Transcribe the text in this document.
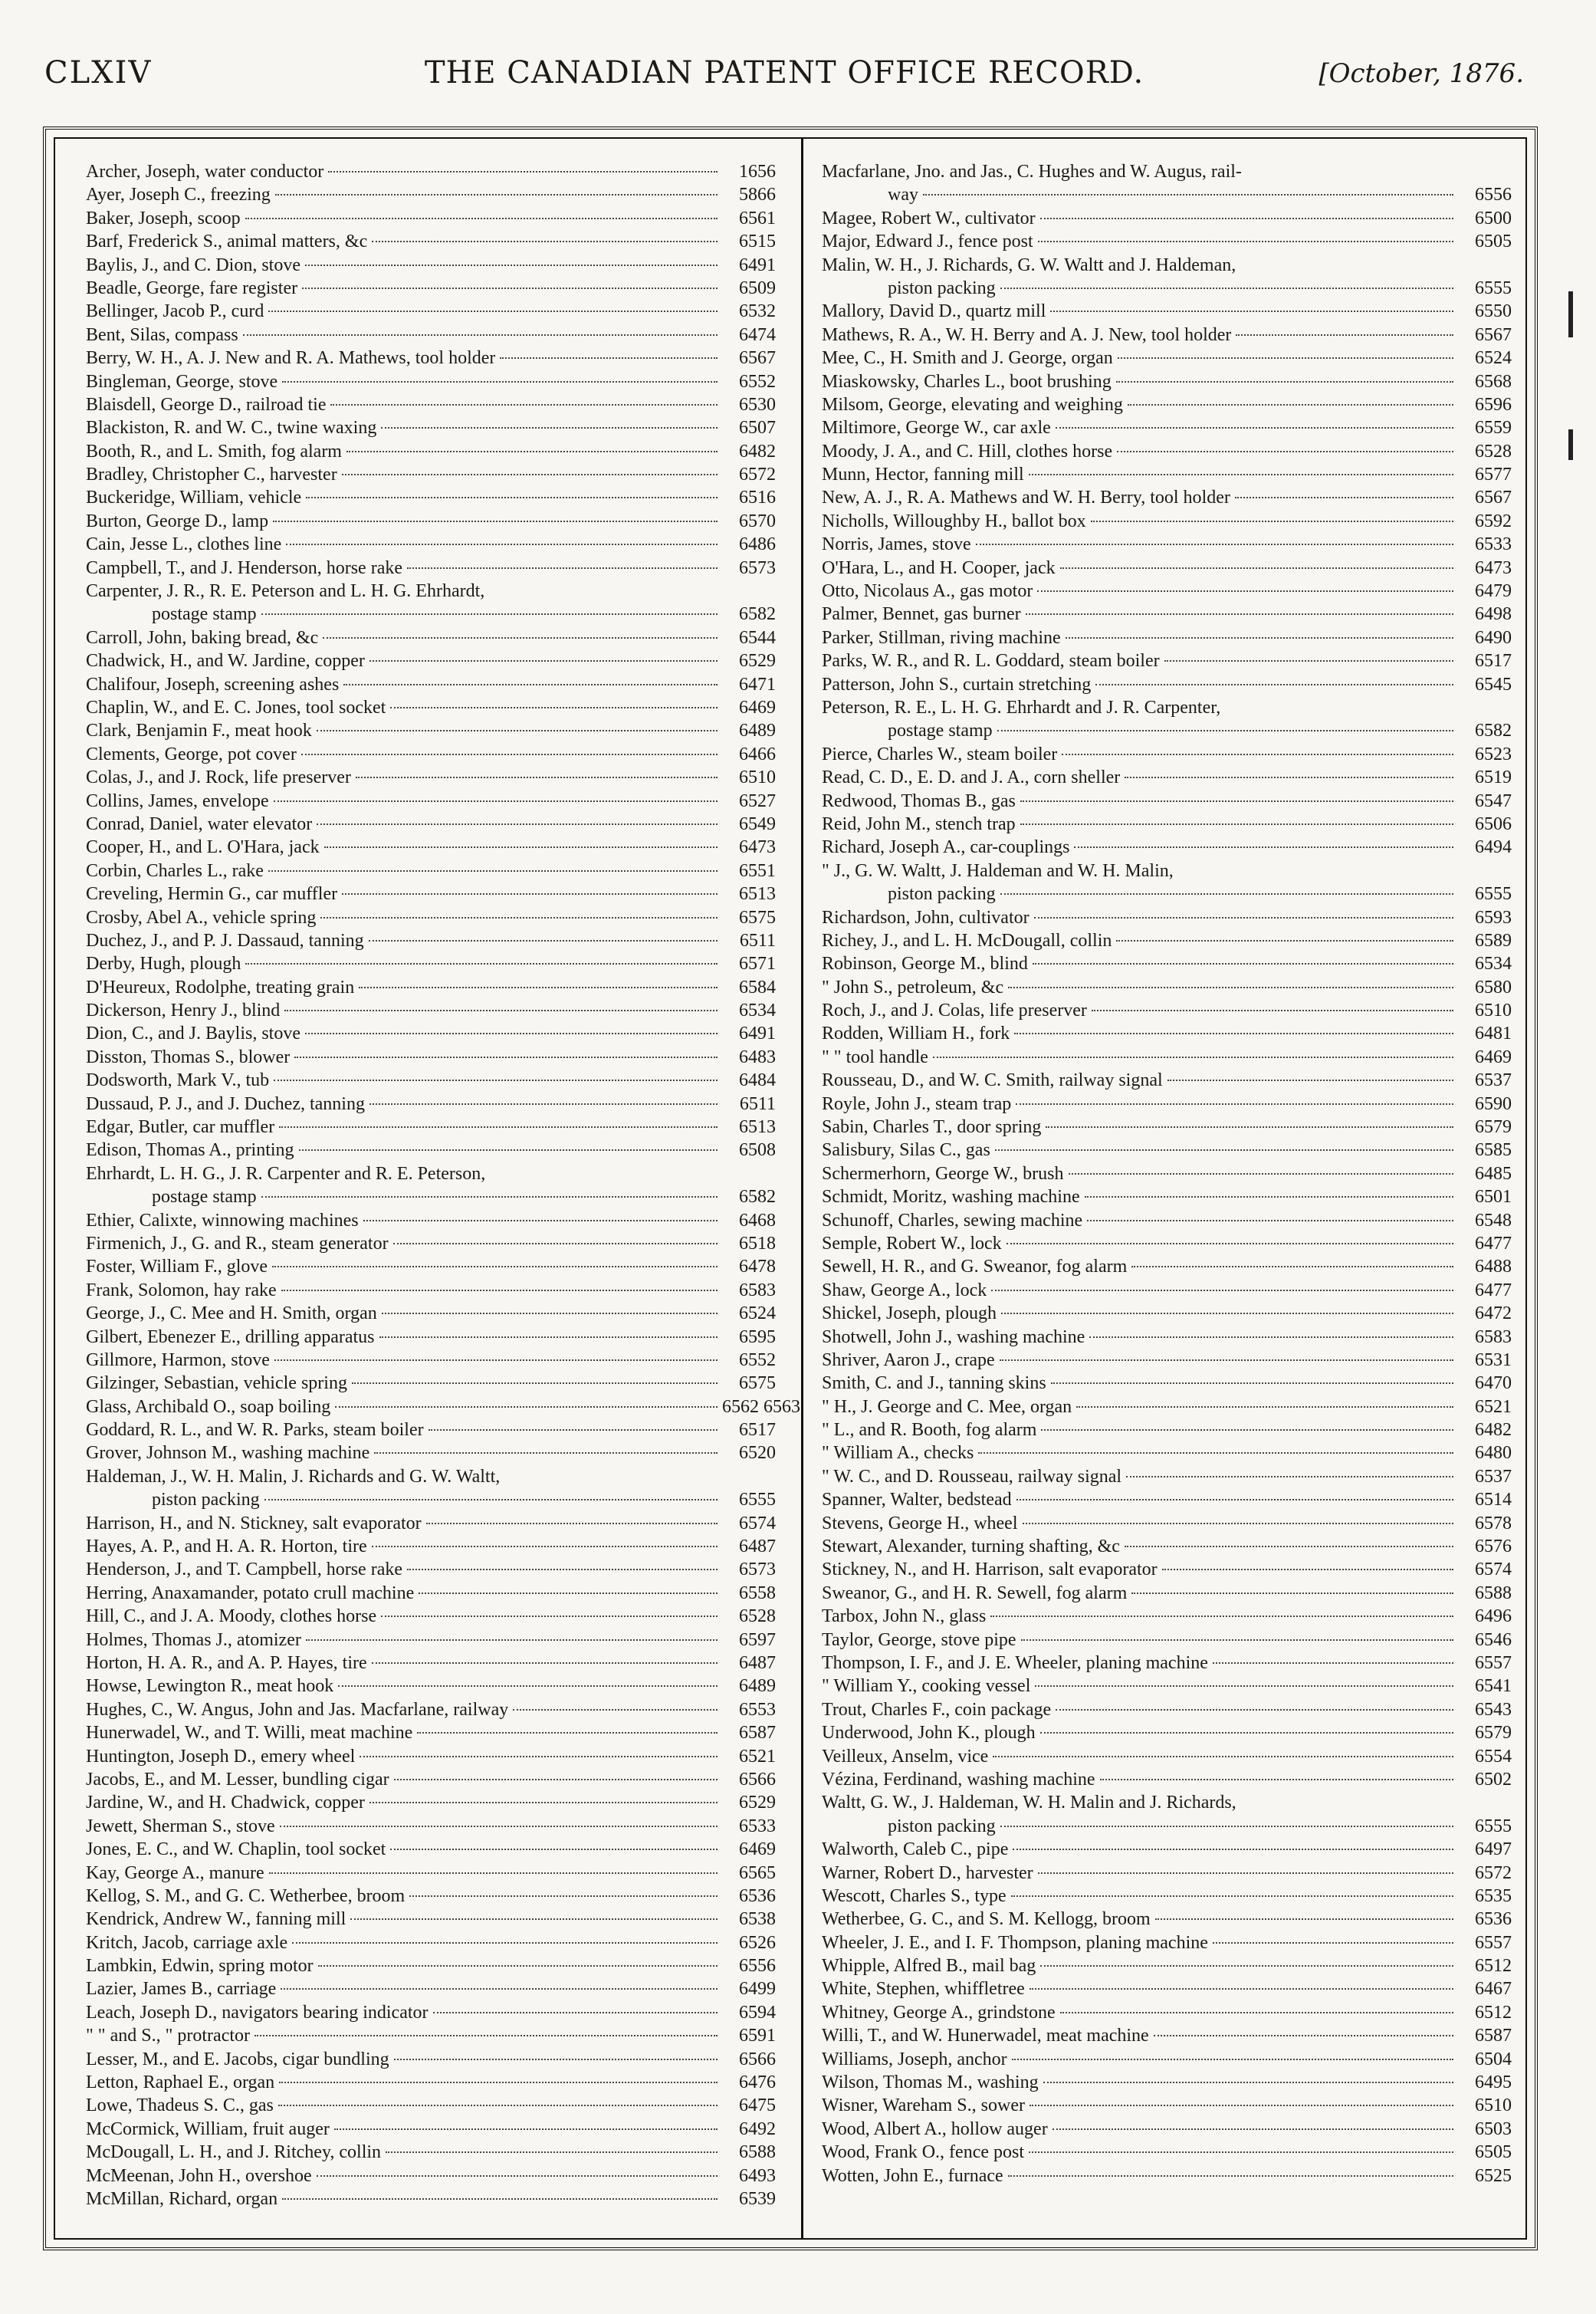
CLXIV	THE CANADIAN PATENT OFFICE RECORD.	[October, 1876.
Archer, Joseph, water conductor	1656
Ayer, Joseph C., freezing	5866
Baker, Joseph, scoop	6561
Barf, Frederick S., animal matters, &c	6515
Baylis, J., and C. Dion, stove	6491
Beadle, George, fare register	6509
Bellinger, Jacob P., curd	6532
Bent, Silas, compass	6474
Berry, W. H., A. J. New and R. A. Mathews, tool holder	6567
Bingleman, George, stove	6552
Blaisdell, George D., railroad tie	6530
Blackiston, R. and W. C., twine waxing	6507
Booth, R., and L. Smith, fog alarm	6482
Bradley, Christopher C., harvester	6572
Buckeridge, William, vehicle	6516
Burton, George D., lamp	6570
Cain, Jesse L., clothes line	6486
Campbell, T., and J. Henderson, horse rake	6573
Carpenter, J. R., R. E. Peterson and L. H. G. Ehrhardt,
postage stamp	6582
Carroll, John, baking bread, &c	6544
Chadwick, H., and W. Jardine, copper	6529
Chalifour, Joseph, screening ashes	6471
Chaplin, W., and E. C. Jones, tool socket	6469
Clark, Benjamin F., meat hook	6489
Clements, George, pot cover	6466
Colas, J., and J. Rock, life preserver	6510
Collins, James, envelope	6527
Conrad, Daniel, water elevator	6549
Cooper, H., and L. O'Hara, jack	6473
Corbin, Charles L., rake	6551
Creveling, Hermin G., car muffler	6513
Crosby, Abel A., vehicle spring	6575
Duchez, J., and P. J. Dassaud, tanning	6511
Derby, Hugh, plough	6571
D'Heureux, Rodolphe, treating grain	6584
Dickerson, Henry J., blind	6534
Dion, C., and J. Baylis, stove	6491
Disston, Thomas S., blower	6483
Dodsworth, Mark V., tub	6484
Dussaud, P. J., and J. Duchez, tanning	6511
Edgar, Butler, car muffler	6513
Edison, Thomas A., printing	6508
Ehrhardt, L. H. G., J. R. Carpenter and R. E. Peterson,
postage stamp	6582
Ethier, Calixte, winnowing machines	6468
Firmenich, J., G. and R., steam generator	6518
Foster, William F., glove	6478
Frank, Solomon, hay rake	6583
George, J., C. Mee and H. Smith, organ	6524
Gilbert, Ebenezer E., drilling apparatus	6595
Gillmore, Harmon, stove	6552
Gilzinger, Sebastian, vehicle spring	6575
Glass, Archibald O., soap boiling	6562 6563
Goddard, R. L., and W. R. Parks, steam boiler	6517
Grover, Johnson M., washing machine	6520
Haldeman, J., W. H. Malin, J. Richards and G. W. Waltt,
piston packing	6555
Harrison, H., and N. Stickney, salt evaporator	6574
Hayes, A. P., and H. A. R. Horton, tire	6487
Henderson, J., and T. Campbell, horse rake	6573
Herring, Anaxamander, potato crull machine	6558
Hill, C., and J. A. Moody, clothes horse	6528
Holmes, Thomas J., atomizer	6597
Horton, H. A. R., and A. P. Hayes, tire	6487
Howse, Lewington R., meat hook	6489
Hughes, C., W. Angus, John and Jas. Macfarlane, railway	6553
Hunerwadel, W., and T. Willi, meat machine	6587
Huntington, Joseph D., emery wheel	6521
Jacobs, E., and M. Lesser, bundling cigar	6566
Jardine, W., and H. Chadwick, copper	6529
Jewett, Sherman S., stove	6533
Jones, E. C., and W. Chaplin, tool socket	6469
Kay, George A., manure	6565
Kellog, S. M., and G. C. Wetherbee, broom	6536
Kendrick, Andrew W., fanning mill	6538
Kritch, Jacob, carriage axle	6526
Lambkin, Edwin, spring motor	6556
Lazier, James B., carriage	6499
Leach, Joseph D., navigators bearing indicator	6594
" " and S., " protractor	6591
Lesser, M., and E. Jacobs, cigar bundling	6566
Letton, Raphael E., organ	6476
Lowe, Thadeus S. C., gas	6475
McCormick, William, fruit auger	6492
McDougall, L. H., and J. Ritchey, collin	6588
McMeenan, John H., overshoe	6493
McMillan, Richard, organ	6539
Macfarlane, Jno. and Jas., C. Hughes and W. Augus, rail-
way	6556
Magee, Robert W., cultivator	6500
Major, Edward J., fence post	6505
Malin, W. H., J. Richards, G. W. Waltt and J. Haldeman,
piston packing	6555
Mallory, David D., quartz mill	6550
Mathews, R. A., W. H. Berry and A. J. New, tool holder	6567
Mee, C., H. Smith and J. George, organ	6524
Miaskowsky, Charles L., boot brushing	6568
Milsom, George, elevating and weighing	6596
Miltimore, George W., car axle	6559
Moody, J. A., and C. Hill, clothes horse	6528
Munn, Hector, fanning mill	6577
New, A. J., R. A. Mathews and W. H. Berry, tool holder	6567
Nicholls, Willoughby H., ballot box	6592
Norris, James, stove	6533
O'Hara, L., and H. Cooper, jack	6473
Otto, Nicolaus A., gas motor	6479
Palmer, Bennet, gas burner	6498
Parker, Stillman, riving machine	6490
Parks, W. R., and R. L. Goddard, steam boiler	6517
Patterson, John S., curtain stretching	6545
Peterson, R. E., L. H. G. Ehrhardt and J. R. Carpenter,
postage stamp	6582
Pierce, Charles W., steam boiler	6523
Read, C. D., E. D. and J. A., corn sheller	6519
Redwood, Thomas B., gas	6547
Reid, John M., stench trap	6506
Richard, Joseph A., car-couplings	6494
" J., G. W. Waltt, J. Haldeman and W. H. Malin,
piston packing	6555
Richardson, John, cultivator	6593
Richey, J., and L. H. McDougall, collin	6589
Robinson, George M., blind	6534
" John S., petroleum, &c	6580
Roch, J., and J. Colas, life preserver	6510
Rodden, William H., fork	6481
" " tool handle	6469
Rousseau, D., and W. C. Smith, railway signal	6537
Royle, John J., steam trap	6590
Sabin, Charles T., door spring	6579
Salisbury, Silas C., gas	6585
Schermerhorn, George W., brush	6485
Schmidt, Moritz, washing machine	6501
Schunoff, Charles, sewing machine	6548
Semple, Robert W., lock	6477
Sewell, H. R., and G. Sweanor, fog alarm	6488
Shaw, George A., lock	6477
Shickel, Joseph, plough	6472
Shotwell, John J., washing machine	6583
Shriver, Aaron J., crape	6531
Smith, C. and J., tanning skins	6470
" H., J. George and C. Mee, organ	6521
" L., and R. Booth, fog alarm	6482
" William A., checks	6480
" W. C., and D. Rousseau, railway signal	6537
Spanner, Walter, bedstead	6514
Stevens, George H., wheel	6578
Stewart, Alexander, turning shafting, &c	6576
Stickney, N., and H. Harrison, salt evaporator	6574
Sweanor, G., and H. R. Sewell, fog alarm	6588
Tarbox, John N., glass	6496
Taylor, George, stove pipe	6546
Thompson, I. F., and J. E. Wheeler, planing machine	6557
" William Y., cooking vessel	6541
Trout, Charles F., coin package	6543
Underwood, John K., plough	6579
Veilleux, Anselm, vice	6554
Vézina, Ferdinand, washing machine	6502
Waltt, G. W., J. Haldeman, W. H. Malin and J. Richards,
piston packing	6555
Walworth, Caleb C., pipe	6497
Warner, Robert D., harvester	6572
Wescott, Charles S., type	6535
Wetherbee, G. C., and S. M. Kellogg, broom	6536
Wheeler, J. E., and I. F. Thompson, planing machine	6557
Whipple, Alfred B., mail bag	6512
White, Stephen, whiffletree	6467
Whitney, George A., grindstone	6512
Willi, T., and W. Hunerwadel, meat machine	6587
Williams, Joseph, anchor	6504
Wilson, Thomas M., washing	6495
Wisner, Wareham S., sower	6510
Wood, Albert A., hollow auger	6503
Wood, Frank O., fence post	6505
Wotten, John E., furnace	6525
